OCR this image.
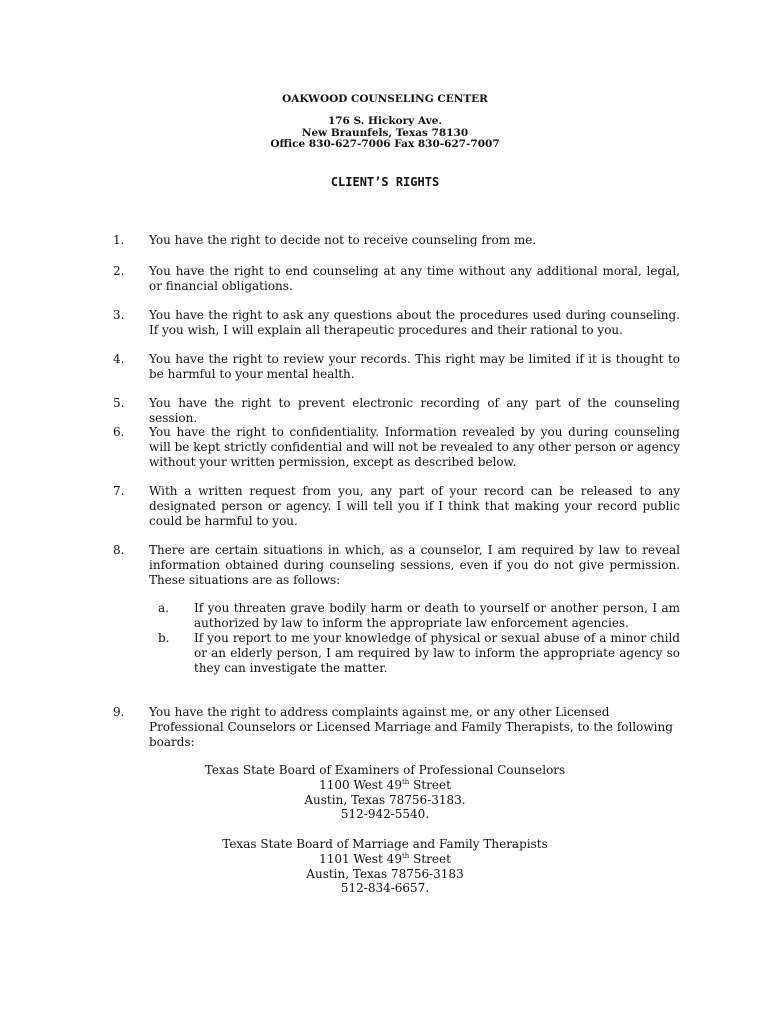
OAKWOOD COUNSELING CENTER
176 S. Hickory Ave.
New Braunfels, Texas 78130
Office 830-627-7006 Fax 830-627-7007
CLIENT’S RIGHTS
1.	You have the right to decide not to receive counseling from me.
2.	You have the right to end counseling at any time without any additional moral, legal, or financial obligations.
3.	You have the right to ask any questions about the procedures used during counseling. If you wish, I will explain all therapeutic procedures and their rational to you.
4.	You have the right to review your records. This right may be limited if it is thought to be harmful to your mental health.
5.	You have the right to prevent electronic recording of any part of the counseling session.
6.	You have the right to confidentiality. Information revealed by you during counseling will be kept strictly confidential and will not be revealed to any other person or agency without your written permission, except as described below.
7.	With a written request from you, any part of your record can be released to any designated person or agency. I will tell you if I think that making your record public could be harmful to you.
8.	There are certain situations in which, as a counselor, I am required by law to reveal information obtained during counseling sessions, even if you do not give permission. These situations are as follows:
a.	If you threaten grave bodily harm or death to yourself or another person, I am authorized by law to inform the appropriate law enforcement agencies.
b.	If you report to me your knowledge of physical or sexual abuse of a minor child or an elderly person, I am required by law to inform the appropriate agency so they can investigate the matter.
9.	You have the right to address complaints against me, or any other Licensed
Professional Counselors or Licensed Marriage and Family Therapists, to the following
boards:
Texas State Board of Examiners of Professional Counselors
1100 West 49th Street
Austin, Texas 78756-3183.
512-942-5540.
Texas State Board of Marriage and Family Therapists
1101 West 49th Street
Austin, Texas 78756-3183
512-834-6657.
